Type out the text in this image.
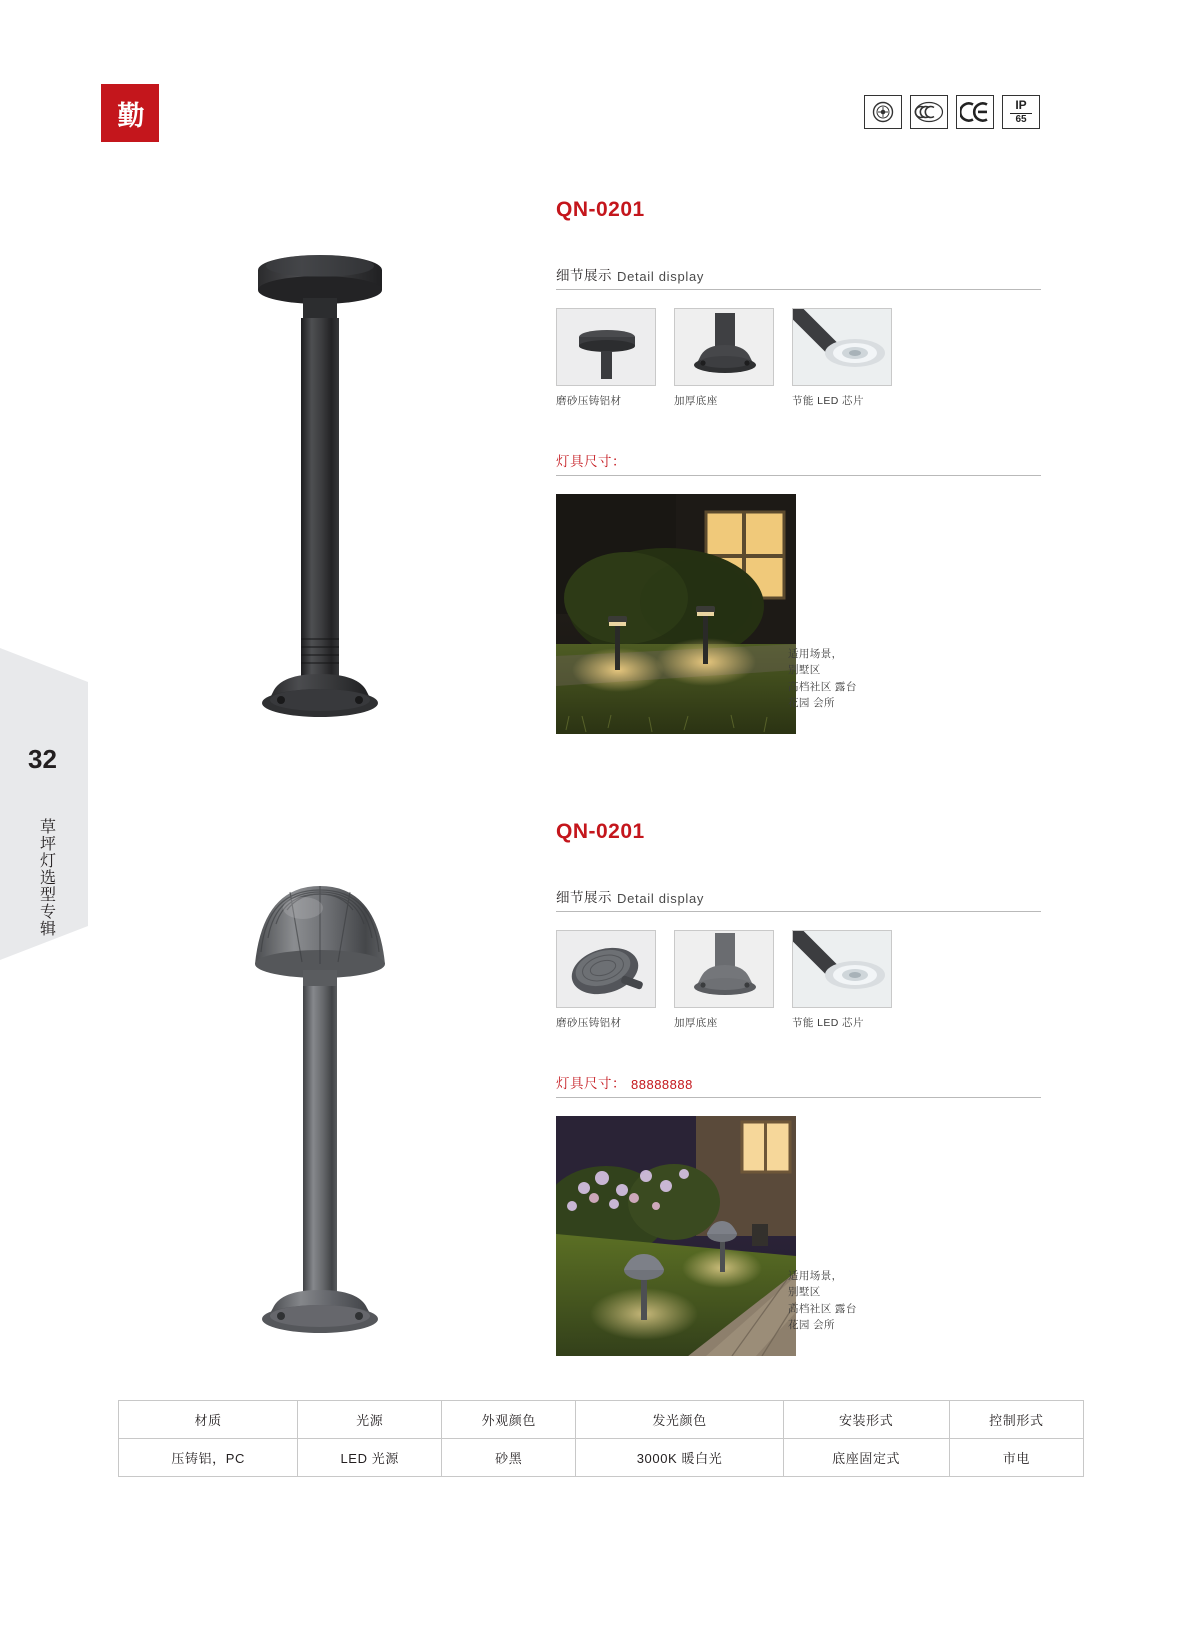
勤	IP
65
32
草坪灯选型专辑
QN-0201
细节展示 Detail display
磨砂压铸铝材	加厚底座	节能 LED 芯片
灯具尺寸：
适用场景，
别墅区
高档社区 露台
花园 会所
QN-0201
细节展示 Detail display
磨砂压铸铝材	加厚底座	节能 LED 芯片
灯具尺寸： 88888888
适用场景，
别墅区
高档社区 露台
花园 会所
材质	光源	外观颜色	发光颜色	安装形式	控制形式
压铸铝，PC	LED 光源	砂黑	3000K 暖白光	底座固定式	市电
